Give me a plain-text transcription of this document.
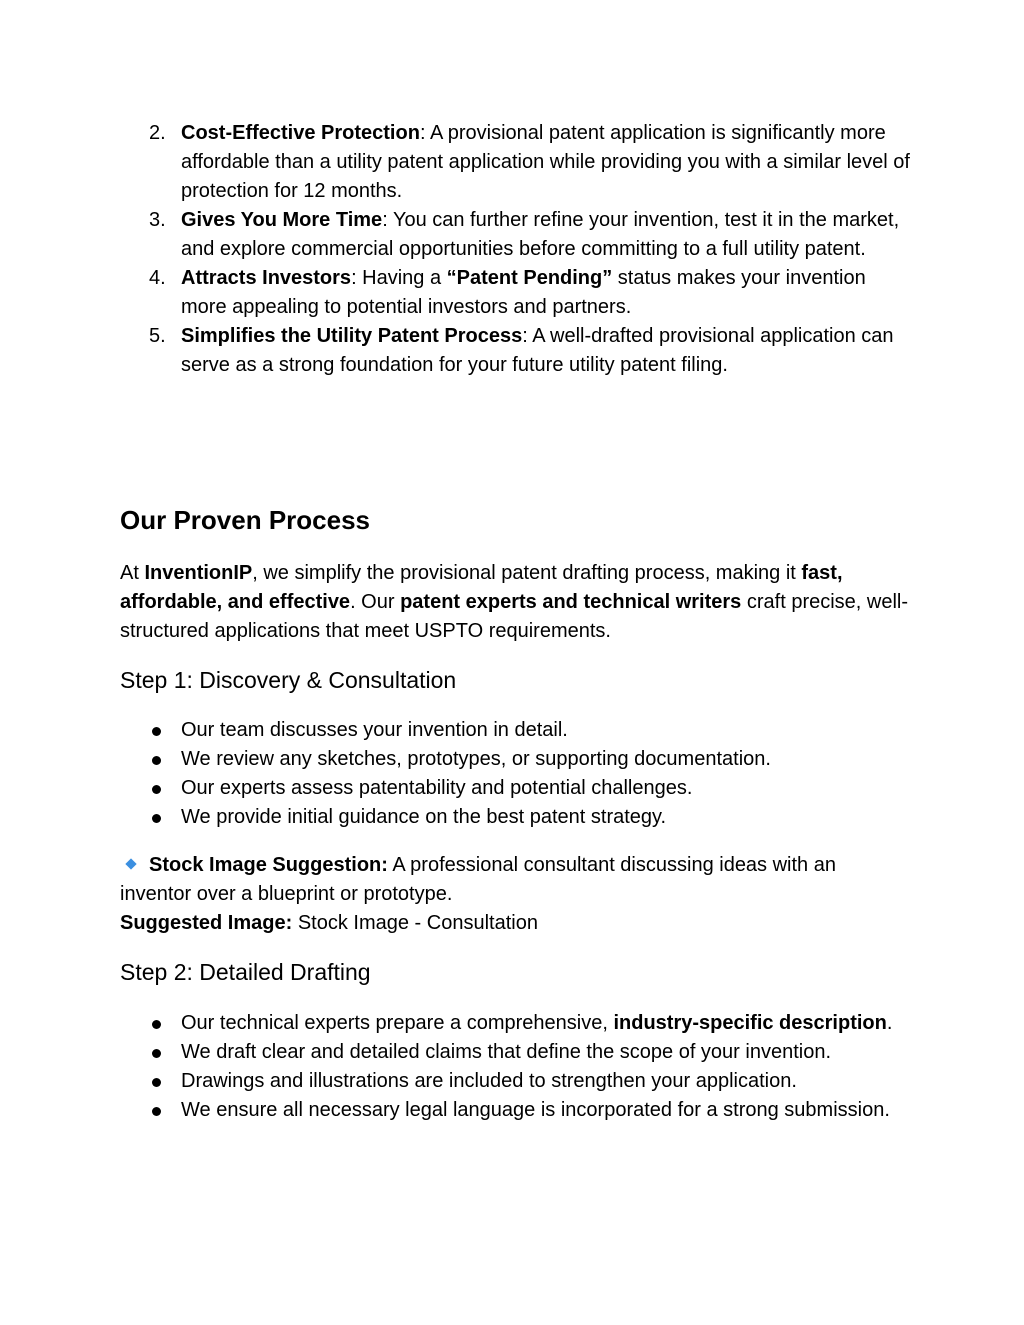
2. Cost-Effective Protection: A provisional patent application is significantly more affordable than a utility patent application while providing you with a similar level of protection for 12 months.
3. Gives You More Time: You can further refine your invention, test it in the market, and explore commercial opportunities before committing to a full utility patent.
4. Attracts Investors: Having a “Patent Pending” status makes your invention more appealing to potential investors and partners.
5. Simplifies the Utility Patent Process: A well-drafted provisional application can serve as a strong foundation for your future utility patent filing.
Our Proven Process

At InventionIP, we simplify the provisional patent drafting process, making it fast, affordable, and effective. Our patent experts and technical writers craft precise, well-structured applications that meet USPTO requirements.

Step 1: Discovery & Consultation
Our team discusses your invention in detail.
We review any sketches, prototypes, or supporting documentation.
Our experts assess patentability and potential challenges.
We provide initial guidance on the best patent strategy.

Stock Image Suggestion: A professional consultant discussing ideas with an inventor over a blueprint or prototype.
Suggested Image: Stock Image - Consultation

Step 2: Detailed Drafting
Our technical experts prepare a comprehensive, industry-specific description.
We draft clear and detailed claims that define the scope of your invention.
Drawings and illustrations are included to strengthen your application.
We ensure all necessary legal language is incorporated for a strong submission.
